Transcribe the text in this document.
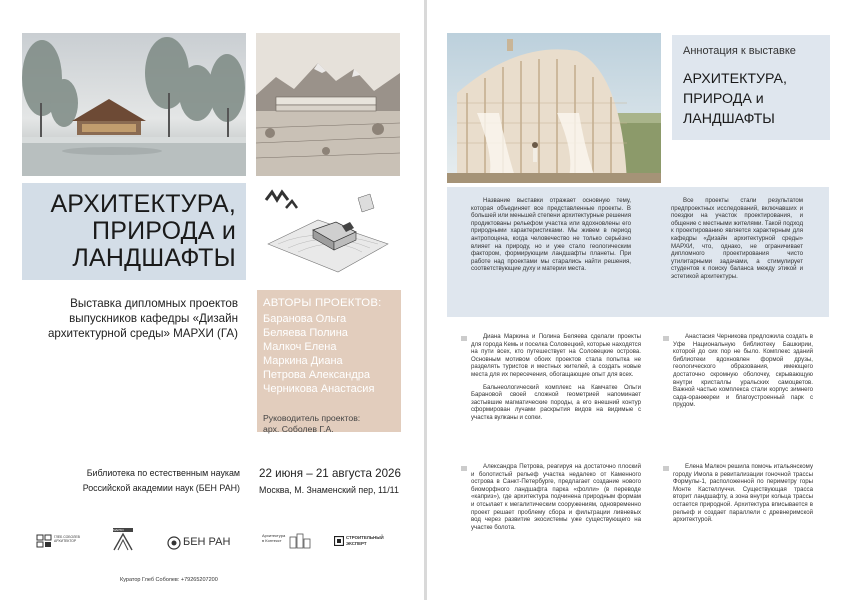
АРХИТЕКТУРА, ПРИРОДА и ЛАНДШАФТЫ
Выставка дипломных проектов выпускников кафедры «Дизайн архитектурной среды» МАРХИ (ГА)
АВТОРЫ ПРОЕКТОВ:
Баранова Ольга
Беляева Полина
Малкоч Елена
Маркина Диана
Петрова Александра
Черникова Анастасия
Руководитель проектов:
арх. Соболев Г.А.
Библиотека по естественным наукам
Российской академии наук (БЕН РАН)
22 июня – 21 августа 2026
Москва, М. Знаменский пер, 11/11
ГЛЕБ СОБОЛЕВ АРХИТЕКТОР
МАРХИ
БЕН РАН
Архитектура в Контекст
СТРОИТЕЛЬНЫЙ ЭКСПЕРТ
Куратор Глеб Соболев: +79265207200
Аннотация к выставке
АРХИТЕКТУРА, ПРИРОДА и ЛАНДШАФТЫ
Название выставки отражает основную тему, которая объединяет все представленные проекты. В большей или меньшей степени архитектурные решения продиктованы рельефом участка или вдохновлены его природными характеристиками. Мы живем в период антропоцена, когда человечество не только серьёзно влияет на природу, но и уже стало геологическим фактором, формирующим ландшафты планеты. При работе над проектами мы старались найти решения, соответствующие духу и материи места.
Все проекты стали результатом предпроектных исследований, включавших и поездки на участок проектирования, и общение с местными жителями. Такой подход к проектированию является характерным для кафедры «Дизайн архитектурной среды» МАРХИ, что, однако, не ограничивает дипломного проектирования чисто утилитарными задачами, а стимулирует студентов к поиску баланса между этикой и эстетикой архитектуры.

Диана Маркина и Полина Беляева сделали проекты для города Кемь и поселка Соловецкий, которые находятся на пути всех, кто путешествует на Соловецкие острова. Основным мотивом обоих проектов стала попытка не разделять туристов и местных жителей, а создать новые места для их пересечения, обогащающие опыт для всех.

Бальнеологический комплекс на Камчатке Ольги Барановой своей сложной геометрией напоминает застывшие магматические породы, а его внешний контур сформирован лучами раскрытия видов на видимые с участка вулканы и сопки.

Анастасия Черникова предложила создать в Уфе Национальную библиотеку Башкирии, которой до сих пор не было. Комплекс зданий библиотеки вдохновлен формой друзы, геологического образования, имеющего достаточно скромную оболочку, скрывающую внутри кристаллы уральских самоцветов. Важной частью комплекса стали корпус зимнего сада-оранжереи и благоустроенный парк с прудом.

Александра Петрова, реагируя на достаточно плоский и болотистый рельеф участка недалеко от Каменного острова в Санкт-Петербурге, предлагает создание нового биоморфного ландшафта парка «фолли» (в переводе «каприз»), где архитектура подчинена природным формам и отсылает к мегалитическим сооружениям, одновременно проект решает проблему сбора и фильтрации ливневых вод через развитие экосистемы уже существующего на участке болота.

Елена Малкоч решила помочь итальянскому городу Имола в ревитализации гоночной трассы Формулы-1, расположенной по периметру горы Монте Кастеллуччи. Существующая трасса вторит ландшафту, а зона внутри кольца трассы остается природной. Архитектура вписывается в рельеф и создает параллели с древнеримской архитектурой.
